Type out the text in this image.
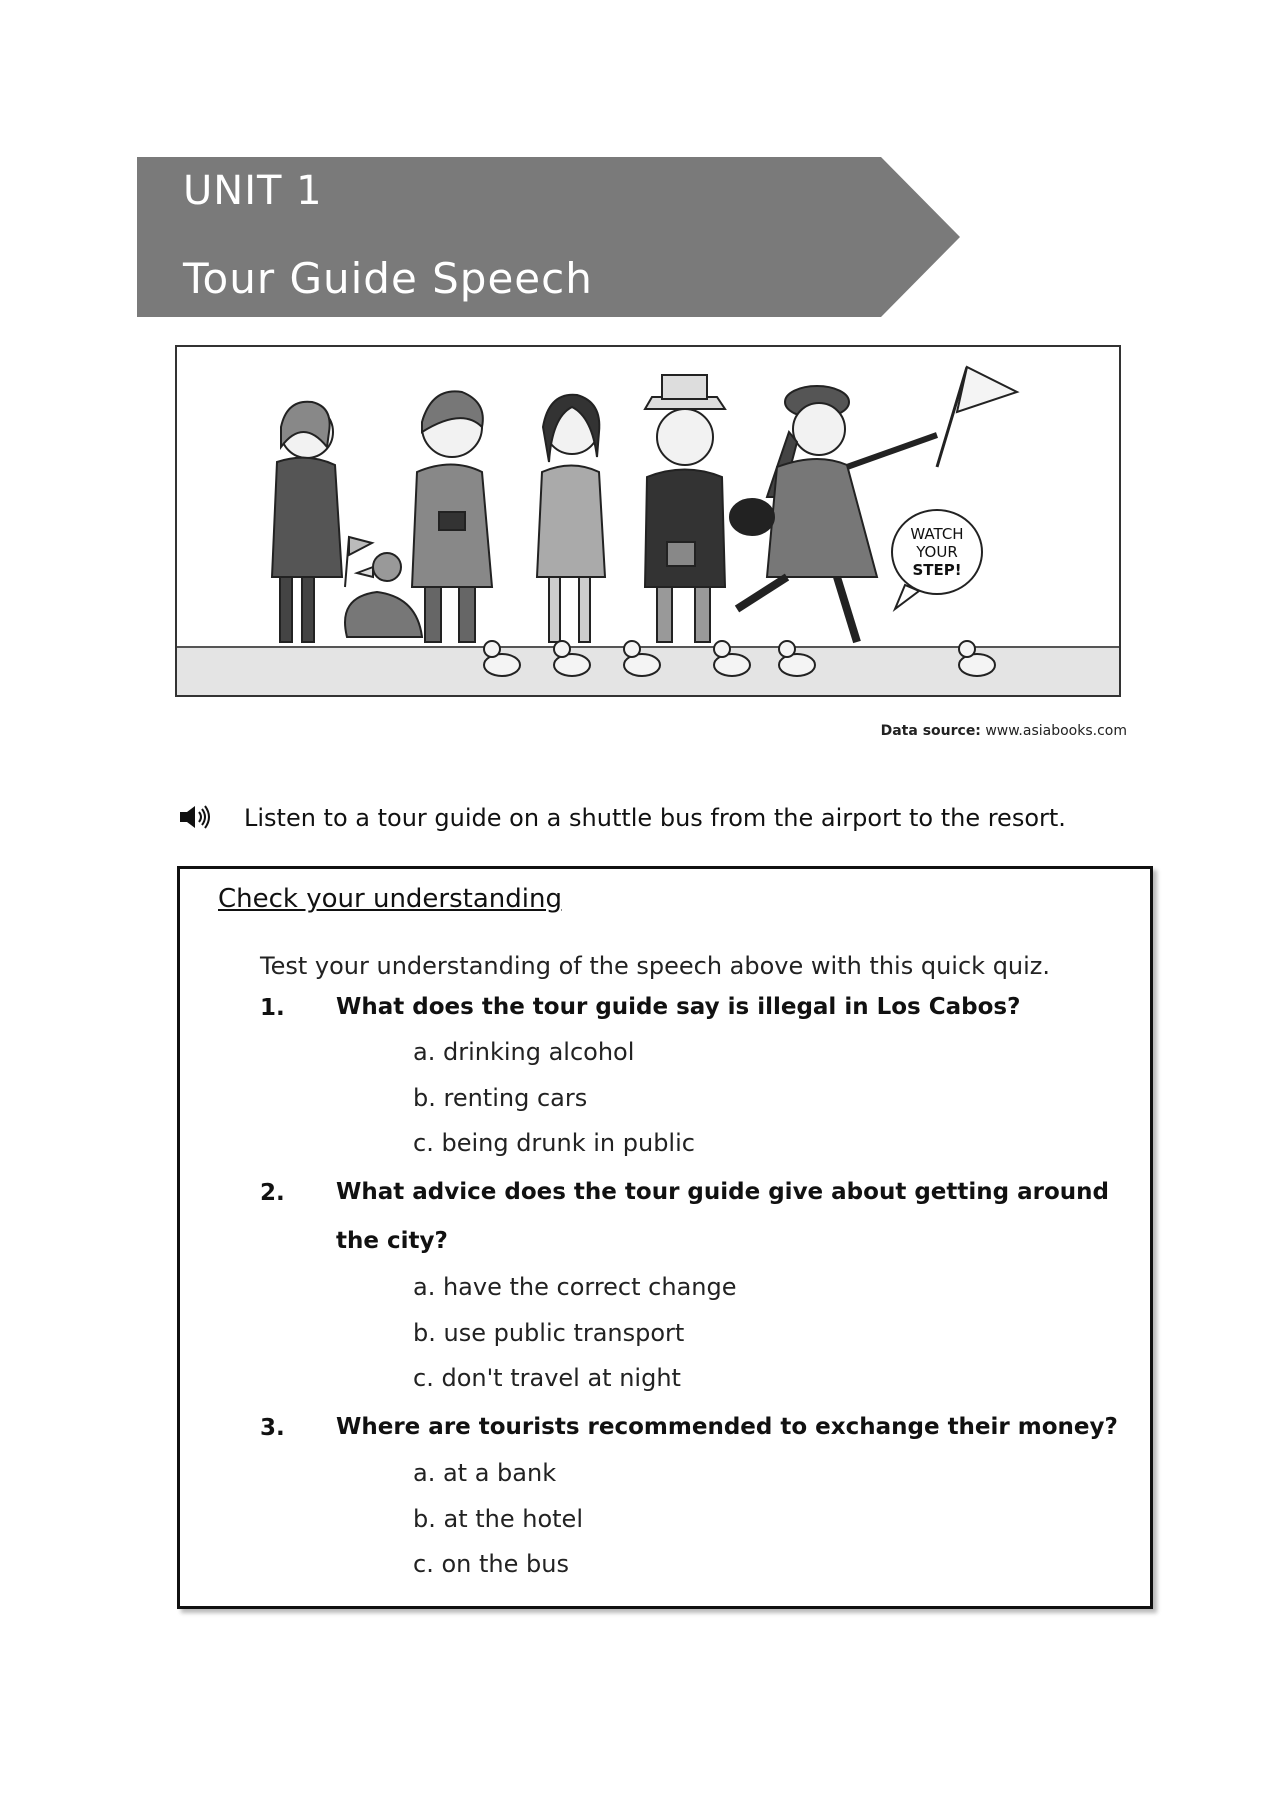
UNIT 1
Tour Guide Speech
WATCH
YOUR
STEP!
Data source: www.asiabooks.com
Listen to a tour guide on a shuttle bus from the airport to the resort.
Check your understanding
Test your understanding of the speech above with this quick quiz.
1. What does the tour guide say is illegal in Los Cabos?
a. drinking alcohol
b. renting cars
c. being drunk in public
2. What advice does the tour guide give about getting around the city?
a. have the correct change
b. use public transport
c. don't travel at night
3. Where are tourists recommended to exchange their money?
a. at a bank
b. at the hotel
c. on the bus
